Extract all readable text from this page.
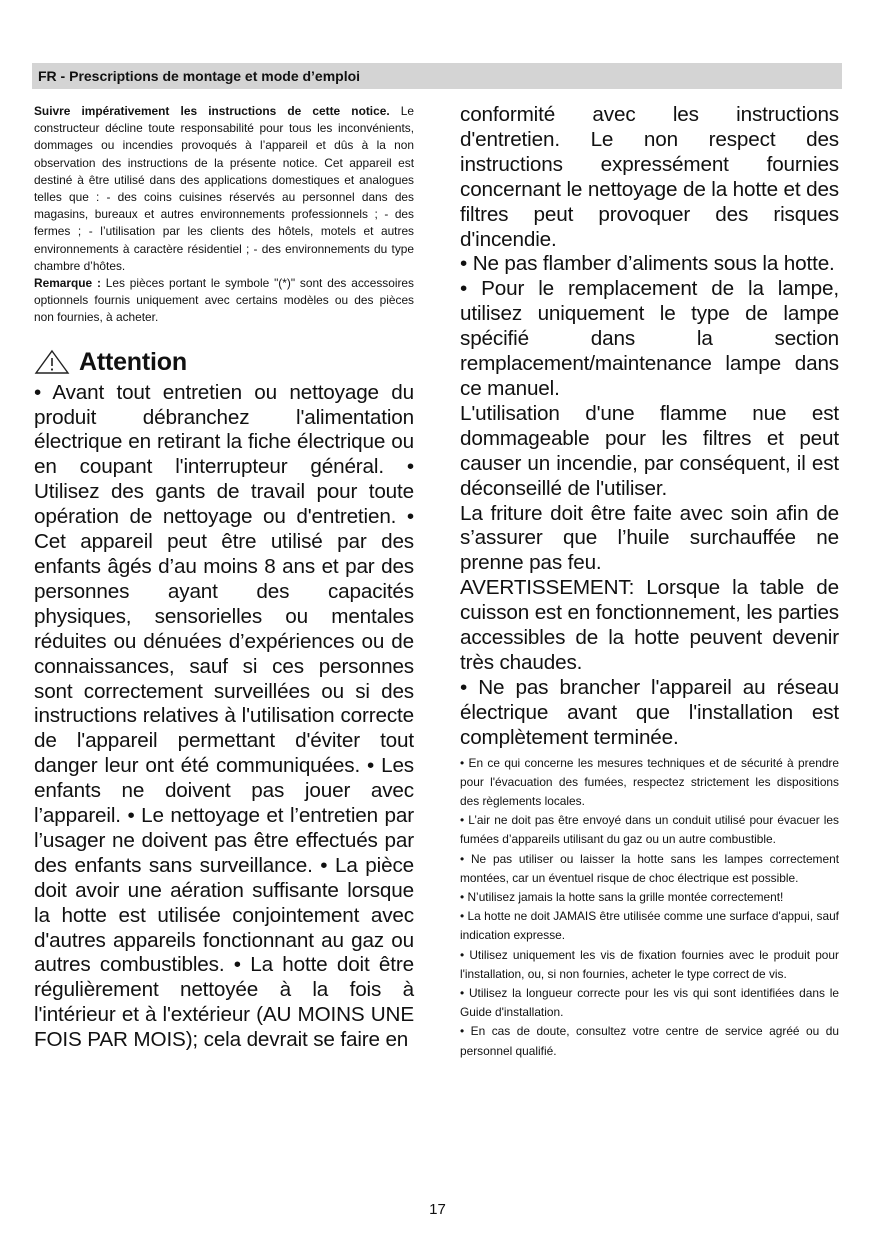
FR - Prescriptions de montage et mode d’emploi

Suivre impérativement les instructions de cette notice. Le constructeur décline toute responsabilité pour tous les inconvénients, dommages ou incendies provoqués à l’appareil et dûs à la non observation des instructions de la présente notice. Cet appareil est destiné à être utilisé dans des applications domestiques et analogues telles que : - des coins cuisines réservés au personnel dans des magasins, bureaux et autres environnements professionnels ; - des fermes ; - l’utilisation par les clients des hôtels, motels et autres environnements à caractère résidentiel ; - des environnements du type chambre d’hôtes.

Remarque : Les pièces portant le symbole "(*)" sont des accessoires optionnels fournis uniquement avec certains modèles ou des pièces non fournies, à acheter.

Attention

• Avant tout entretien ou nettoyage du produit débranchez l'alimentation électrique en retirant la fiche électrique ou en coupant l'interrupteur général. • Utilisez des gants de travail pour toute opération de nettoyage ou d'entretien. • Cet appareil peut être utilisé par des enfants âgés d’au moins 8 ans et par des personnes ayant des capacités physiques, sensorielles ou mentales réduites ou dénuées d’expériences ou de connaissances, sauf si ces personnes sont correctement surveillées ou si des instructions relatives à l'utilisation correcte de l'appareil permettant d'éviter tout danger leur ont été communiquées. • Les enfants ne doivent pas jouer avec l’appareil. • Le nettoyage et l’entretien par l’usager ne doivent pas être effectués par des enfants sans surveillance. • La pièce doit avoir une aération suffisante lorsque la hotte est utilisée conjointement avec d'autres appareils fonctionnant au gaz ou autres combustibles. • La hotte doit être régulièrement nettoyée à la fois à l'intérieur et à l'extérieur (AU MOINS UNE FOIS PAR MOIS); cela devrait se faire en

conformité avec les instructions d'entretien. Le non respect des instructions expressément fournies concernant le nettoyage de la hotte et des filtres peut provoquer des risques d'incendie.

• Ne pas flamber d’aliments sous la hotte.

• Pour le remplacement de la lampe, utilisez uniquement le type de lampe spécifié dans la section remplacement/maintenance lampe dans ce manuel.

L'utilisation d'une flamme nue est dommageable pour les filtres et peut causer un incendie, par conséquent, il est déconseillé de l'utiliser.

La friture doit être faite avec soin afin de s’assurer que l’huile surchauffée ne prenne pas feu.

AVERTISSEMENT: Lorsque la table de cuisson est en fonctionnement, les parties accessibles de la hotte peuvent devenir très chaudes.

• Ne pas brancher l'appareil au réseau électrique avant que l'installation est complètement terminée.

• En ce qui concerne les mesures techniques et de sécurité à prendre pour l'évacuation des fumées, respectez strictement les dispositions des règlements locales.

• L’air ne doit pas être envoyé dans un conduit utilisé pour évacuer les fumées d’appareils utilisant du gaz ou un autre combustible.

• Ne pas utiliser ou laisser la hotte sans les lampes correctement montées, car un éventuel risque de choc électrique est possible.

• N’utilisez jamais la hotte sans la grille montée correctement!

• La hotte ne doit JAMAIS être utilisée comme une surface d'appui, sauf indication expresse.

• Utilisez uniquement les vis de fixation fournies avec le produit pour l'installation, ou, si non fournies, acheter le type correct de vis.

• Utilisez la longueur correcte pour les vis qui sont identifiées dans le Guide d'installation.

• En cas de doute, consultez votre centre de service agréé ou du personnel qualifié.

17
